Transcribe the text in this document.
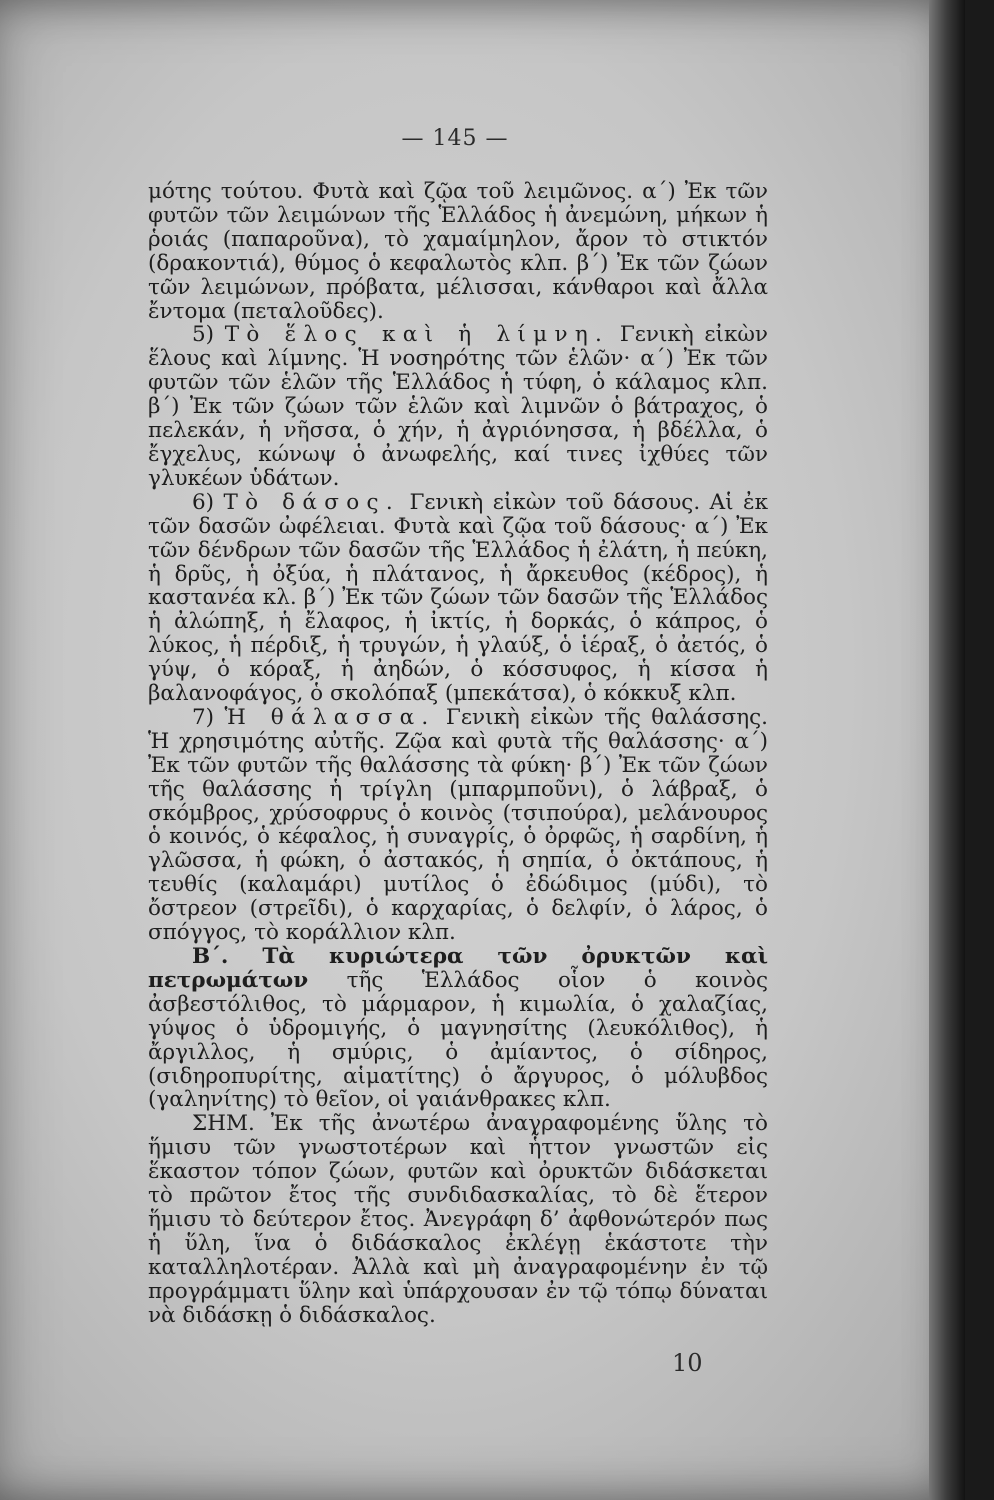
— 145 —

μότης τούτου. Φυτὰ καὶ ζῷα τοῦ λειμῶνος. α΄) Ἐκ τῶν φυτῶν τῶν λειμώνων τῆς Ἑλλάδος ἡ ἀνεμώνη, μήκων ἡ ῥοιάς (παπαροῦνα), τὸ χαμαίμηλον, ἄρον τὸ στικτόν (δρακοντιά), θύμος ὁ κεφαλωτὸς κλπ. β΄) Ἐκ τῶν ζώων τῶν λειμώνων, πρόβατα, μέλισσαι, κάνθαροι καὶ ἄλλα ἔντομα (πεταλοῦδες).

5) Τὸ ἕλος καὶ ἡ λίμνη. Γενικὴ εἰκὼν ἕλους καὶ λίμνης. Ἡ νοσηρότης τῶν ἑλῶν· α΄) Ἐκ τῶν φυτῶν τῶν ἑλῶν τῆς Ἑλλάδος ἡ τύφη, ὁ κάλαμος κλπ. β΄) Ἐκ τῶν ζώων τῶν ἑλῶν καὶ λιμνῶν ὁ βάτραχος, ὁ πελεκάν, ἡ νῆσσα, ὁ χήν, ἡ ἀγριόνησσα, ἡ βδέλλα, ὁ ἔγχελυς, κώνωψ ὁ ἀνωφελής, καί τινες ἰχθύες τῶν γλυκέων ὑδάτων.

6) Τὸ δάσος. Γενικὴ εἰκὼν τοῦ δάσους. Αἱ ἐκ τῶν δασῶν ὠφέλειαι. Φυτὰ καὶ ζῷα τοῦ δάσους· α΄) Ἐκ τῶν δένδρων τῶν δασῶν τῆς Ἑλλάδος ἡ ἐλάτη, ἡ πεύκη, ἡ δρῦς, ἡ ὀξύα, ἡ πλάτανος, ἡ ἄρκευθος (κέδρος), ἡ καστανέα κλ. β΄) Ἐκ τῶν ζώων τῶν δασῶν τῆς Ἑλλάδος ἡ ἀλώπηξ, ἡ ἔλαφος, ἡ ἰκτίς, ἡ δορκάς, ὁ κάπρος, ὁ λύκος, ἡ πέρδιξ, ἡ τρυγών, ἡ γλαύξ, ὁ ἱέραξ, ὁ ἀετός, ὁ γύψ, ὁ κόραξ, ἡ ἀηδών, ὁ κόσσυφος, ἡ κίσσα ἡ βαλανοφάγος, ὁ σκολόπαξ (μπεκάτσα), ὁ κόκκυξ κλπ.

7) Ἡ θάλασσα. Γενικὴ εἰκὼν τῆς θαλάσσης. Ἡ χρησιμότης αὐτῆς. Ζῷα καὶ φυτὰ τῆς θαλάσσης· α΄) Ἐκ τῶν φυτῶν τῆς θαλάσσης τὰ φύκη· β΄) Ἐκ τῶν ζώων τῆς θαλάσσης ἡ τρίγλη (μπαρμποῦνι), ὁ λάβραξ, ὁ σκόμβρος, χρύσοφρυς ὁ κοινὸς (τσιπούρα), μελάνουρος ὁ κοινός, ὁ κέφαλος, ἡ συναγρίς, ὁ ὀρφῶς, ἡ σαρδίνη, ἡ γλῶσσα, ἡ φώκη, ὁ ἀστακός, ἡ σηπία, ὁ ὀκτάπους, ἡ τευθίς (καλαμάρι) μυτίλος ὁ ἐδώδιμος (μύδι), τὸ ὄστρεον (στρεῖδι), ὁ καρχαρίας, ὁ δελφίν, ὁ λάρος, ὁ σπόγγος, τὸ κοράλλιον κλπ.

Β΄. Τὰ κυριώτερα τῶν ὀρυκτῶν καὶ πετρωμάτων τῆς Ἑλλάδος οἷον ὁ κοινὸς ἀσβεστόλιθος, τὸ μάρμαρον, ἡ κιμωλία, ὁ χαλαζίας, γύψος ὁ ὑδρομιγής, ὁ μαγνησίτης (λευκόλιθος), ἡ ἄργιλλος, ἡ σμύρις, ὁ ἀμίαντος, ὁ σίδηρος, (σιδηροπυρίτης, αἱματίτης) ὁ ἄργυρος, ὁ μόλυβδος (γαληνίτης) τὸ θεῖον, οἱ γαιάνθρακες κλπ.

ΣΗΜ. Ἐκ τῆς ἀνωτέρω ἀναγραφομένης ὕλης τὸ ἥμισυ τῶν γνωστοτέρων καὶ ἧττον γνωστῶν εἰς ἕκαστον τόπον ζώων, φυτῶν καὶ ὀρυκτῶν διδάσκεται τὸ πρῶτον ἔτος τῆς συνδιδασκαλίας, τὸ δὲ ἕτερον ἥμισυ τὸ δεύτερον ἔτος. Ἀνεγράφη δ’ ἀφθονώτερόν πως ἡ ὕλη, ἵνα ὁ διδάσκαλος ἐκλέγῃ ἑκάστοτε τὴν καταλληλοτέραν. Ἀλλὰ καὶ μὴ ἀναγραφομένην ἐν τῷ προγράμματι ὕλην καὶ ὑπάρχουσαν ἐν τῷ τόπῳ δύναται νὰ διδάσκῃ ὁ διδάσκαλος.

10
